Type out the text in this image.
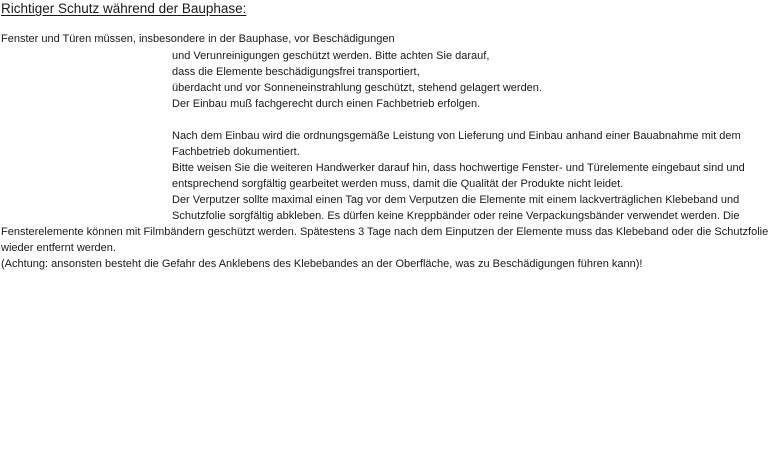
Richtiger Schutz während der Bauphase:
Fenster und Türen müssen, insbesondere in der Bauphase, vor Beschädigungen
und Verunreinigungen geschützt werden. Bitte achten Sie darauf,
dass die Elemente beschädigungsfrei transportiert,
überdacht und vor Sonneneinstrahlung geschützt, stehend gelagert werden.
Der Einbau muß fachgerecht durch einen Fachbetrieb erfolgen.
Nach dem Einbau wird die ordnungsgemäße Leistung von Lieferung und Einbau anhand einer Bauabnahme mit dem
Fachbetrieb dokumentiert.
Bitte weisen Sie die weiteren Handwerker darauf hin, dass hochwertige Fenster- und Türelemente eingebaut sind und
entsprechend sorgfältig gearbeitet werden muss, damit die Qualität der Produkte nicht leidet.
Der Verputzer sollte maximal einen Tag vor dem Verputzen die Elemente mit einem lackverträglichen Klebeband und
Schutzfolie sorgfältig abkleben. Es dürfen keine Kreppbänder oder reine Verpackungsbänder verwendet werden. Die
Fensterelemente können mit Filmbändern geschützt werden. Spätestens 3 Tage nach dem Einputzen der Elemente muss das Klebeband oder die Schutzfolie
wieder entfernt werden.
(Achtung: ansonsten besteht die Gefahr des Anklebens des Klebebandes an der Oberfläche, was zu Beschädigungen führen kann)!
